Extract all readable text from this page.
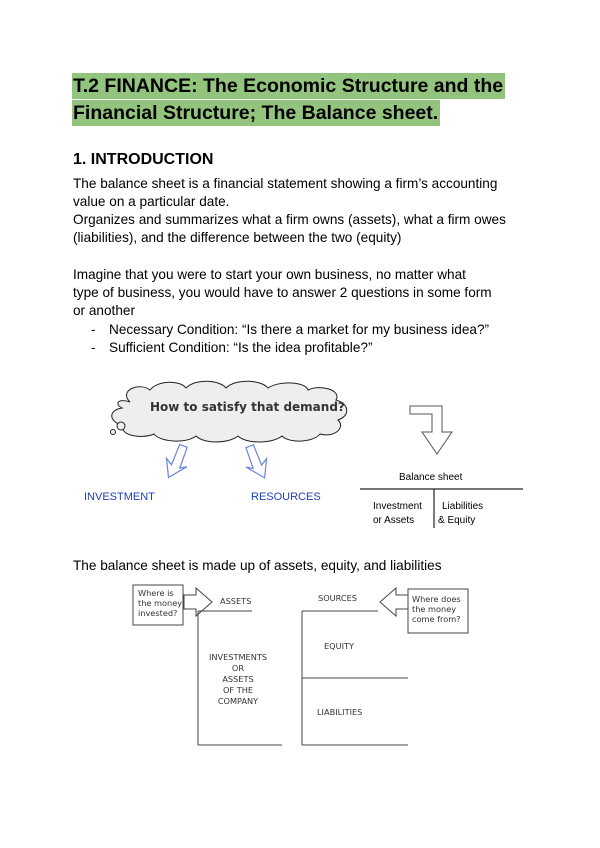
T.2 FINANCE: The Economic Structure and the
Financial Structure; The Balance sheet.
1. INTRODUCTION
The balance sheet is a financial statement showing a firm’s accounting
value on a particular date.
Organizes and summarizes what a firm owns (assets), what a firm owes
(liabilities), and the difference between the two (equity)
Imagine that you were to start your own business, no matter what
type of business, you would have to answer 2 questions in some form
or another
- Necessary Condition: “Is there a market for my business idea?”
- Sufficient Condition: “Is the idea profitable?”
How to satisfy that demand?
INVESTMENT	RESOURCES
Balance sheet
Investment
or Assets
Liabilities
& Equity
The balance sheet is made up of assets, equity, and liabilities
Where is
the money
invested?
ASSETS
INVESTMENTS
OR
ASSETS
OF THE
COMPANY
SOURCES
EQUITY
LIABILITIES
Where does
the money
come from?
